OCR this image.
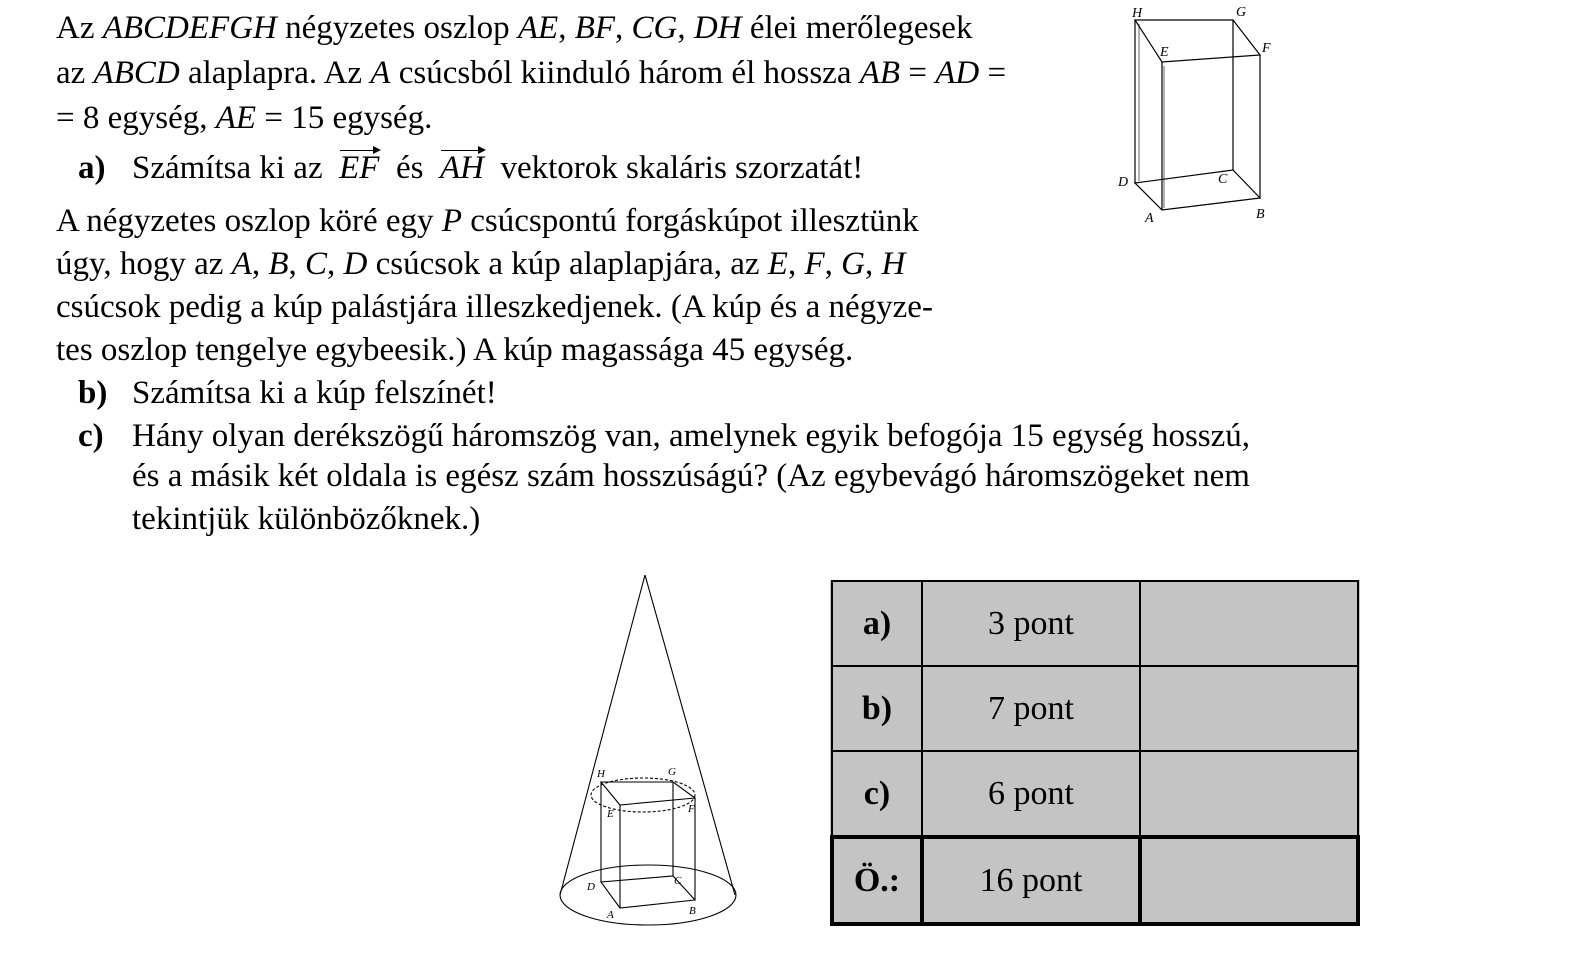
Az ABCDEFGH négyzetes oszlop AE, BF, CG, DH élei merőlegesek
az ABCD alaplapra. Az A csúcsból kiinduló három él hossza AB = AD =
= 8 egység, AE = 15 egység.
a) Számítsa ki az EF és AH vektorok skaláris szorzatát!
A négyzetes oszlop köré egy P csúcspontú forgáskúpot illesztünk
úgy, hogy az A, B, C, D csúcsok a kúp alaplapjára, az E, F, G, H
csúcsok pedig a kúp palástjára illeszkedjenek. (A kúp és a négyze-
tes oszlop tengelye egybeesik.) A kúp magassága 45 egység.
b) Számítsa ki a kúp felszínét!
c) Hány olyan derékszögű háromszög van, amelynek egyik befogója 15 egység hosszú,
és a másik két oldala is egész szám hosszúságú? (Az egybevágó háromszögeket nem
tekintjük különbözőknek.)
H	G
E	F
D	C
A	B
H	G
E	F
D	C
A	B
a)	3 pont	
b)	7 pont	
c)	6 pont	
Ö.:	16 pont	
